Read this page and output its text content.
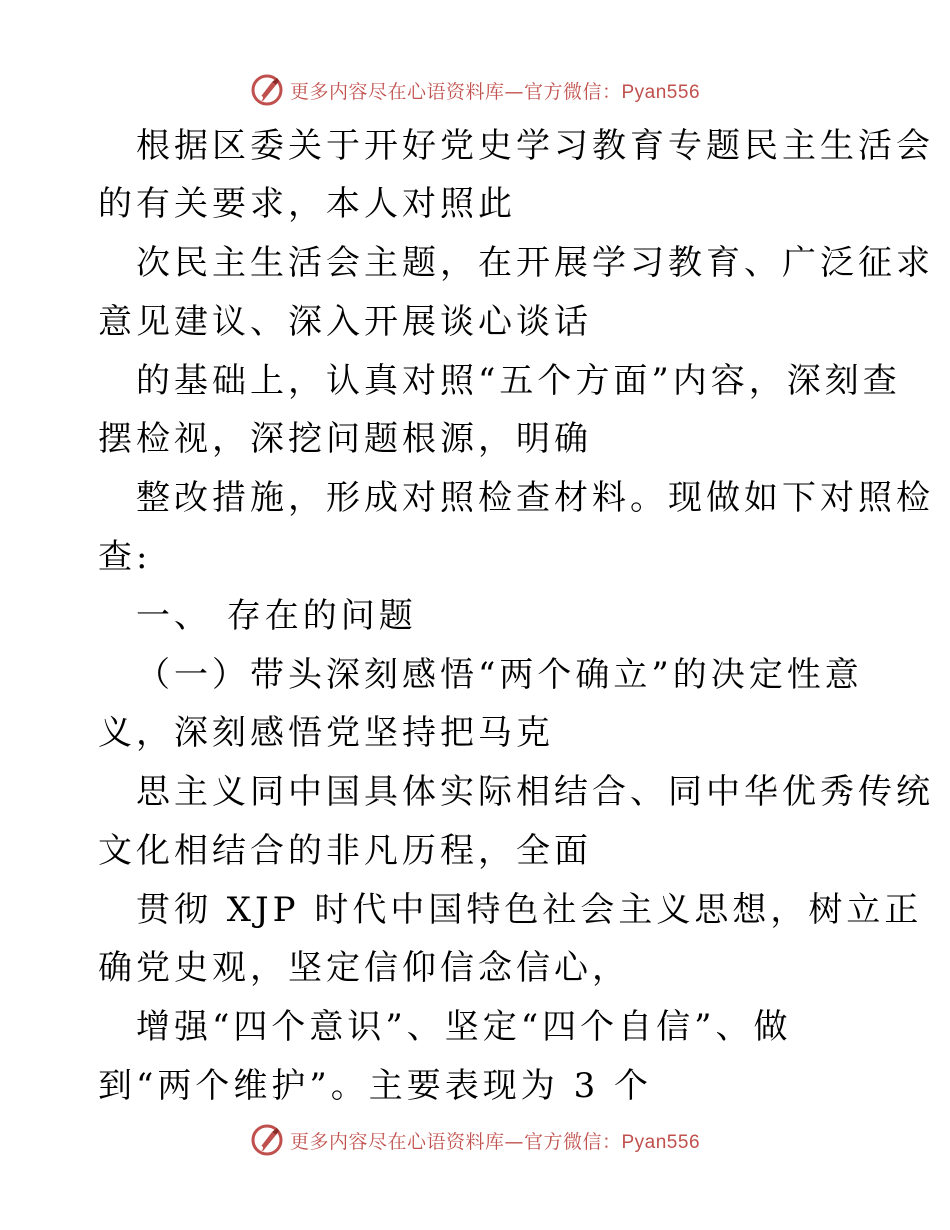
更多内容尽在心语资料库—官方微信：Pyan556
根据区委关于开好党史学习教育专题民主生活会
的有关要求，本人对照此
次民主生活会主题，在开展学习教育、广泛征求
意见建议、深入开展谈心谈话
的基础上，认真对照“五个方面”内容，深刻查
摆检视，深挖问题根源，明确
整改措施，形成对照检查材料。现做如下对照检
查:
一、 存在的问题
（一）带头深刻感悟“两个确立”的决定性意
义，深刻感悟党坚持把马克
思主义同中国具体实际相结合、同中华优秀传统
文化相结合的非凡历程，全面
贯彻 XJP 时代中国特色社会主义思想，树立正
确党史观，坚定信仰信念信心，
增强“四个意识”、坚定“四个自信”、做
到“两个维护”。主要表现为 3 个
更多内容尽在心语资料库—官方微信：Pyan556
